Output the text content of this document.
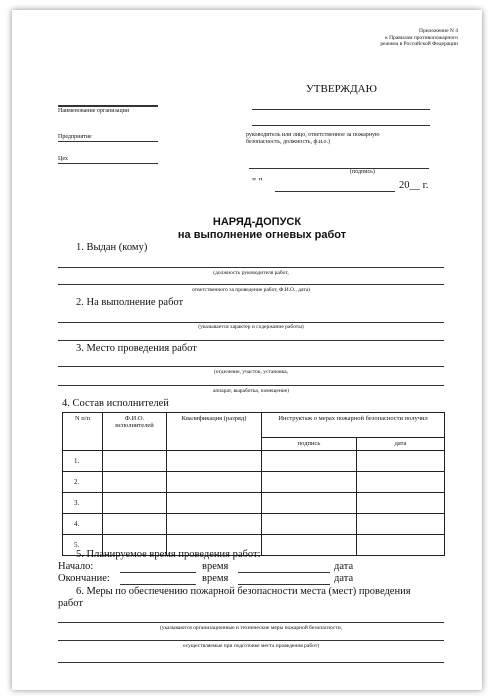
Приложение N 4
к Правилам противопожарного
режима в Российской Федерации
УТВЕРЖДАЮ
руководитель или лицо, ответственное за пожарную
безопасность, должность, ф.и.о.)
(подпись)
" "	20__ г.
Наименование организации
Предприятие
Цех
НАРЯД-ДОПУСК
на выполнение огневых работ
1. Выдан (кому)
(должность руководителя работ,
ответственного за проведение работ, Ф.И.О., дата)
2. На выполнение работ
(указывается характер и содержание работы)
3. Место проведения работ
(отделение, участок, установка,
аппарат, выработка, помещение)
4. Состав исполнителей
N п/п	Ф.И.О. исполнителей	Квалификация (разряд)	Инструктаж о мерах пожарной безопасности получил	
			подпись	дата
1.				
2.				
3.				
4.				
5.				
5. Планируемое время проведения работ:
Начало:	время	дата
Окончание:	время	дата
6. Меры по обеспечению пожарной безопасности места (мест) проведения
работ
(указываются организационные и технические меры пожарной безопасности,
осуществляемые при подготовке места проведения работ)
